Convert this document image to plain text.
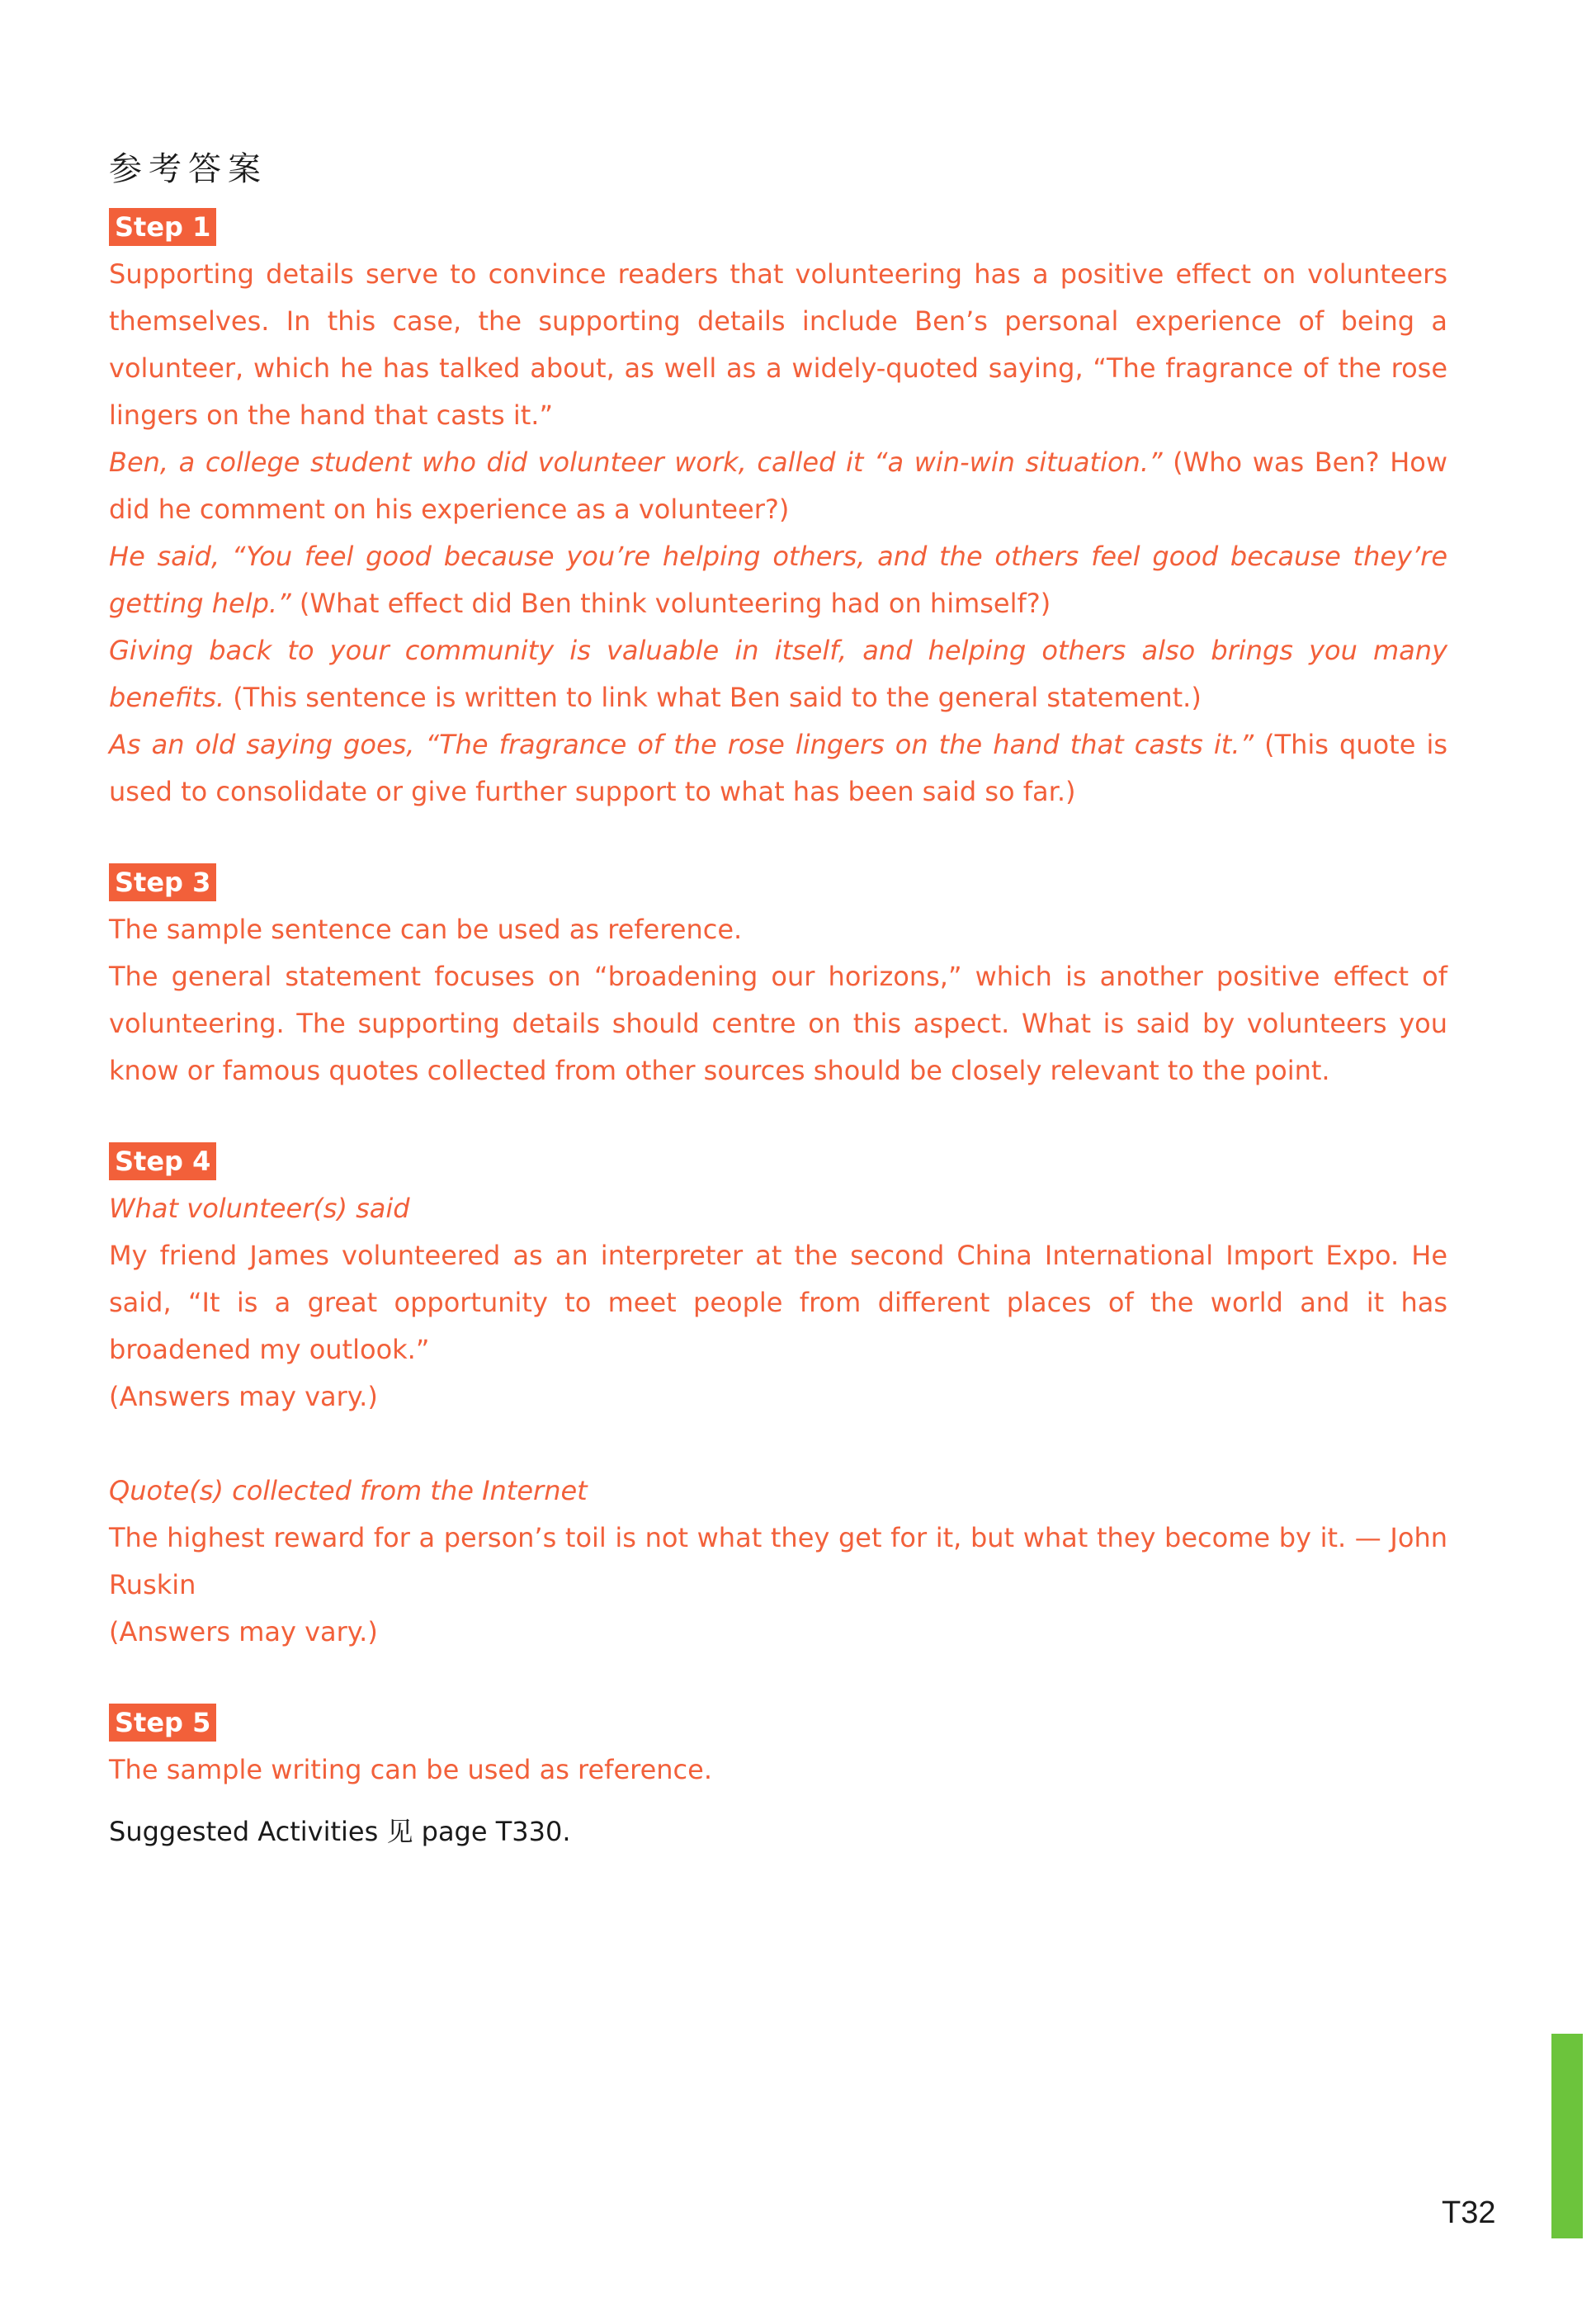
参考答案
Step 1

Supporting details serve to convince readers that volunteering has a positive effect on volunteers themselves. In this case, the supporting details include Ben’s personal experience of being a volunteer, which he has talked about, as well as a widely-quoted saying, “The fragrance of the rose lingers on the hand that casts it.”

Ben, a college student who did volunteer work, called it “a win-win situation.” (Who was Ben? How did he comment on his experience as a volunteer?)

He said, “You feel good because you’re helping others, and the others feel good because they’re getting help.” (What effect did Ben think volunteering had on himself?)

Giving back to your community is valuable in itself, and helping others also brings you many benefits. (This sentence is written to link what Ben said to the general statement.)

As an old saying goes, “The fragrance of the rose lingers on the hand that casts it.” (This quote is used to consolidate or give further support to what has been said so far.)

Step 3

The sample sentence can be used as reference.

The general statement focuses on “broadening our horizons,” which is another positive effect of volunteering. The supporting details should centre on this aspect. What is said by volunteers you know or famous quotes collected from other sources should be closely relevant to the point.

Step 4

What volunteer(s) said

My friend James volunteered as an interpreter at the second China International Import Expo. He said, “It is a great opportunity to meet people from different places of the world and it has broadened my outlook.”

(Answers may vary.)

Quote(s) collected from the Internet

The highest reward for a person’s toil is not what they get for it, but what they become by it. — John Ruskin

(Answers may vary.)

Step 5

The sample writing can be used as reference.

Suggested Activities 见 page T330.

T32
